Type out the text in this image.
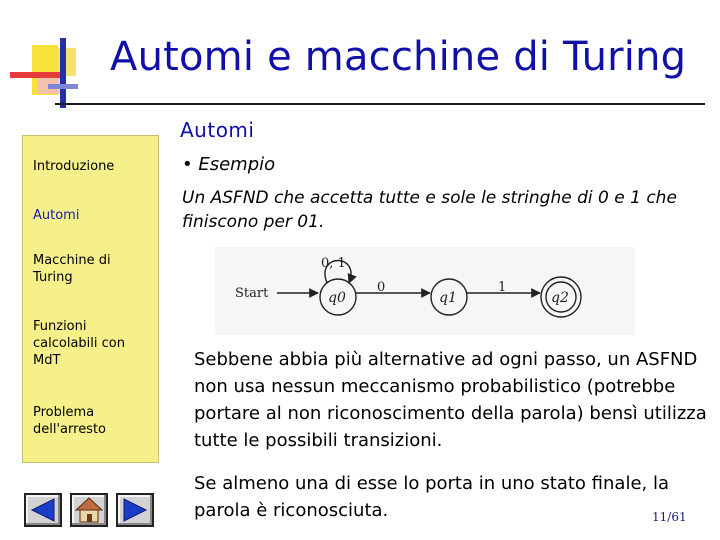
Automi e macchine di Turing
Introduzione
Automi
Macchine di Turing
Funzioni calcolabili con MdT
Problema dell'arresto
Automi
• Esempio
Un ASFND che accetta tutte e sole le stringhe di 0 e 1 che finiscono per 01.
Start	q0
0, 1
0
q1
1
q2
Sebbene abbia più alternative ad ogni passo, un ASFND non usa nessun meccanismo probabilistico (potrebbe portare al non riconoscimento della parola) bensì utilizza tutte le possibili transizioni.
Se almeno una di esse lo porta in uno stato finale, la parola è riconosciuta.	11/61
